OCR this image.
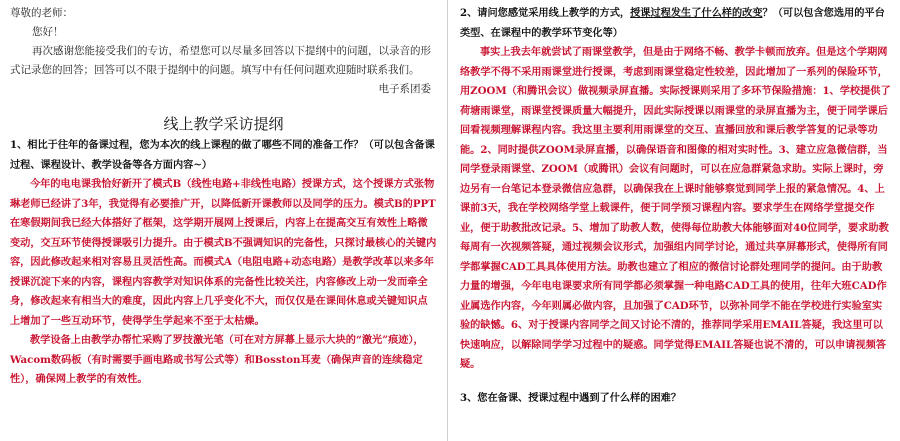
尊敬的老师：

您好！

再次感谢您能接受我们的专访，希望您可以尽量多回答以下提纲中的问题，以录音的形式记录您的回答；回答可以不限于提纲中的问题。填写中有任何问题欢迎随时联系我们。

电子系团委

线上教学采访提纲

1、相比于往年的备课过程，您为本次的线上课程的做了哪些不同的准备工作？（可以包含备课过程、课程设计、教学设备等各方面内容~）

今年的电电课我恰好新开了模式B（线性电路+非线性电路）授课方式，这个授课方式张物琳老师已经讲了3年，我觉得有必要推广开，以降低新开课教师以及同学的压力。模式B的PPT在寒假期间我已经大体搭好了框架，这学期开展网上授课后，内容上在提高交互有效性上略微变动，交互环节使得授课吸引力提升。由于模式B不强调知识的完备性，只探讨最核心的关键内容，因此修改起来相对容易且灵活性高。而模式A（电阻电路+动态电路）是教学改革以来多年授课沉淀下来的内容，课程内容教学对知识体系的完备性比较关注，内容修改上动一发而牵全身，修改起来有相当大的难度，因此内容上几乎变化不大，而仅仅是在课间休息或关键知识点上增加了一些互动环节，使得学生学起来不至于太枯燥。

教学设备上由教学办帮忙采购了罗技激光笔（可在对方屏幕上显示大块的“激光”痕迹），Wacom数码板（有时需要手画电路或书写公式等）和Bosston耳麦（确保声音的连续稳定性），确保网上教学的有效性。

2、请问您感觉采用线上教学的方式，授课过程发生了什么样的改变？（可以包含您选用的平台类型、在课程中的教学环节变化等）

事实上我去年就尝试了雨课堂教学，但是由于网络不畅、教学卡顿而放弃。但是这个学期网络教学不得不采用雨课堂进行授课，考虑到雨课堂稳定性较差，因此增加了一系列的保险环节，用ZOOM（和腾讯会议）做视频录屏直播。实际授课则采用了多环节保险措施：1、学校提供了荷塘雨课堂，雨课堂授课质量大幅提升，因此实际授课以雨课堂的录屏直播为主，便于同学课后回看视频理解课程内容。我这里主要利用雨课堂的交互、直播回放和课后教学答复的记录等功能。2、同时提供ZOOM录屏直播，以确保语音和图像的相对实时性。3、建立应急微信群，当同学登录雨课堂、ZOOM（或腾讯）会议有问题时，可以在应急群紧急求助。实际上课时，旁边另有一台笔记本登录微信应急群，以确保我在上课时能够察觉到同学上报的紧急情况。4、上课前3天，我在学校网络学堂上载课件，便于同学预习课程内容。要求学生在网络学堂提交作业，便于助教批改记录。5、增加了助教人数，使得每位助教大体能够面对40位同学，要求助教每周有一次视频答疑，通过视频会议形式，加强组内同学讨论，通过共享屏幕形式，使得所有同学都掌握CAD工具具体使用方法。助教也建立了相应的微信讨论群处理同学的提问。由于助教力量的增强，今年电电课要求所有同学都必须掌握一种电路CAD工具的使用，往年大班CAD作业属选作内容，今年则属必做内容，且加强了CAD环节，以弥补同学不能在学校进行实验室实验的缺憾。6、对于授课内容同学之间又讨论不清的，推荐同学采用EMAIL答疑，我这里可以快速响应，以解除同学学习过程中的疑惑。同学觉得EMAIL答疑也说不清的，可以申请视频答疑。

3、您在备课、授课过程中遇到了什么样的困难？
